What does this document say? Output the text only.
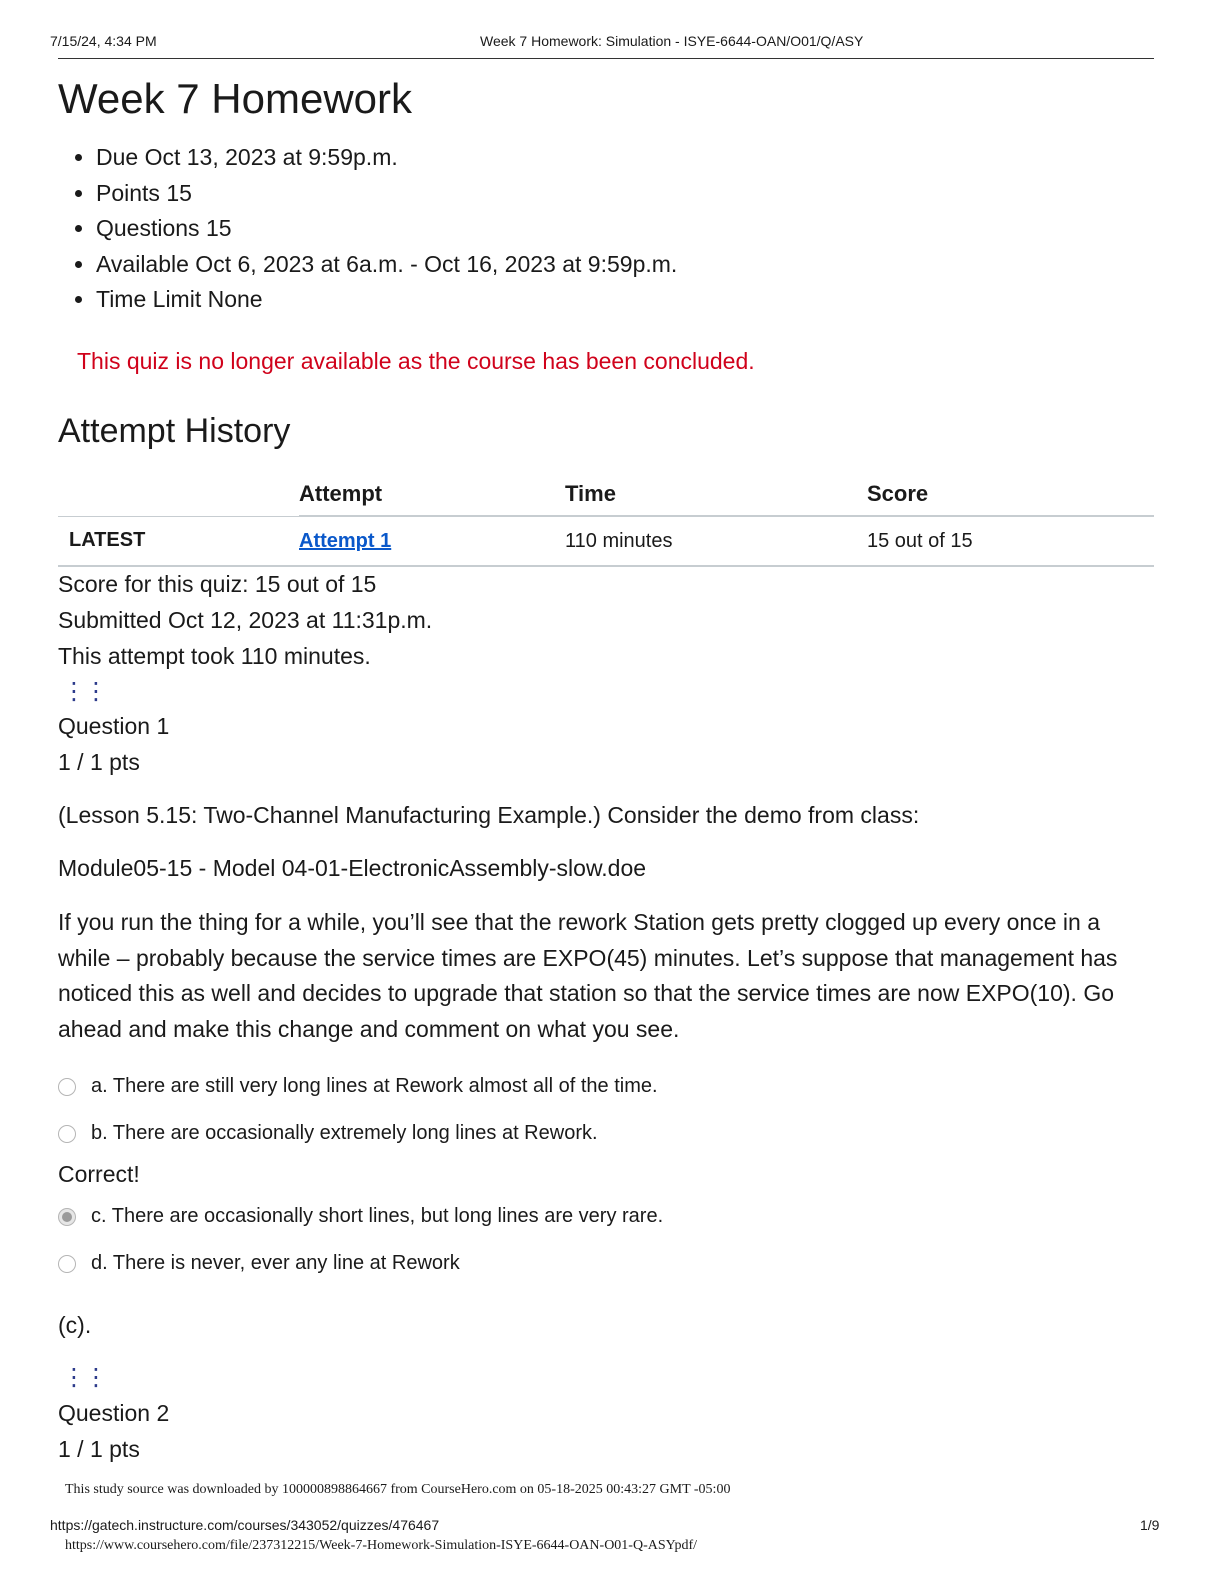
7/15/24, 4:34 PM	Week 7 Homework: Simulation - ISYE-6644-OAN/O01/Q/ASY
Week 7 Homework
• Due Oct 13, 2023 at 9:59p.m.
• Points 15
• Questions 15
• Available Oct 6, 2023 at 6a.m. - Oct 16, 2023 at 9:59p.m.
• Time Limit None
This quiz is no longer available as the course has been concluded.
Attempt History
	Attempt	Time	Score
LATEST	Attempt 1	110 minutes	15 out of 15
Score for this quiz: 15 out of 15
Submitted Oct 12, 2023 at 11:31p.m.
This attempt took 110 minutes.
⋮⋮
Question 1
1 / 1 pts
(Lesson 5.15: Two-Channel Manufacturing Example.) Consider the demo from class:
Module05-15 - Model 04-01-ElectronicAssembly-slow.doe
If you run the thing for a while, you’ll see that the rework Station gets pretty clogged up every once in a while – probably because the service times are EXPO(45) minutes. Let’s suppose that management has noticed this as well and decides to upgrade that station so that the service times are now EXPO(10). Go ahead and make this change and comment on what you see.
a. There are still very long lines at Rework almost all of the time.
b. There are occasionally extremely long lines at Rework.
Correct!
c. There are occasionally short lines, but long lines are very rare.
d. There is never, ever any line at Rework
(c).
⋮⋮
Question 2
1 / 1 pts
This study source was downloaded by 100000898864667 from CourseHero.com on 05-18-2025 00:43:27 GMT -05:00
https://gatech.instructure.com/courses/343052/quizzes/476467	1/9
https://www.coursehero.com/file/237312215/Week-7-Homework-Simulation-ISYE-6644-OAN-O01-Q-ASYpdf/
